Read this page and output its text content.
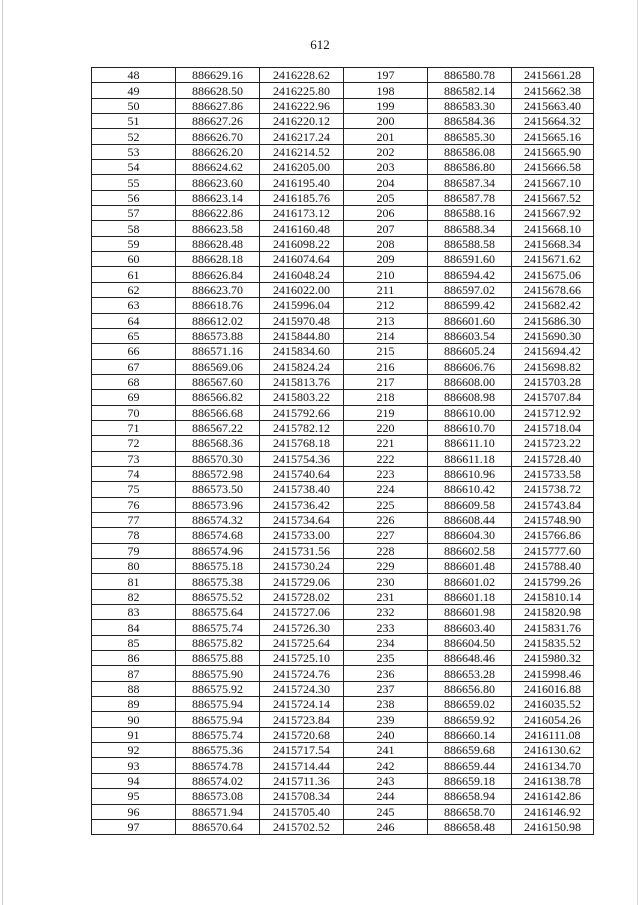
612
48	886629.16	2416228.62	197	886580.78	2415661.28
49	886628.50	2416225.80	198	886582.14	2415662.38
50	886627.86	2416222.96	199	886583.30	2415663.40
51	886627.26	2416220.12	200	886584.36	2415664.32
52	886626.70	2416217.24	201	886585.30	2415665.16
53	886626.20	2416214.52	202	886586.08	2415665.90
54	886624.62	2416205.00	203	886586.80	2415666.58
55	886623.60	2416195.40	204	886587.34	2415667.10
56	886623.14	2416185.76	205	886587.78	2415667.52
57	886622.86	2416173.12	206	886588.16	2415667.92
58	886623.58	2416160.48	207	886588.34	2415668.10
59	886628.48	2416098.22	208	886588.58	2415668.34
60	886628.18	2416074.64	209	886591.60	2415671.62
61	886626.84	2416048.24	210	886594.42	2415675.06
62	886623.70	2416022.00	211	886597.02	2415678.66
63	886618.76	2415996.04	212	886599.42	2415682.42
64	886612.02	2415970.48	213	886601.60	2415686.30
65	886573.88	2415844.80	214	886603.54	2415690.30
66	886571.16	2415834.60	215	886605.24	2415694.42
67	886569.06	2415824.24	216	886606.76	2415698.82
68	886567.60	2415813.76	217	886608.00	2415703.28
69	886566.82	2415803.22	218	886608.98	2415707.84
70	886566.68	2415792.66	219	886610.00	2415712.92
71	886567.22	2415782.12	220	886610.70	2415718.04
72	886568.36	2415768.18	221	886611.10	2415723.22
73	886570.30	2415754.36	222	886611.18	2415728.40
74	886572.98	2415740.64	223	886610.96	2415733.58
75	886573.50	2415738.40	224	886610.42	2415738.72
76	886573.96	2415736.42	225	886609.58	2415743.84
77	886574.32	2415734.64	226	886608.44	2415748.90
78	886574.68	2415733.00	227	886604.30	2415766.86
79	886574.96	2415731.56	228	886602.58	2415777.60
80	886575.18	2415730.24	229	886601.48	2415788.40
81	886575.38	2415729.06	230	886601.02	2415799.26
82	886575.52	2415728.02	231	886601.18	2415810.14
83	886575.64	2415727.06	232	886601.98	2415820.98
84	886575.74	2415726.30	233	886603.40	2415831.76
85	886575.82	2415725.64	234	886604.50	2415835.52
86	886575.88	2415725.10	235	886648.46	2415980.32
87	886575.90	2415724.76	236	886653.28	2415998.46
88	886575.92	2415724.30	237	886656.80	2416016.88
89	886575.94	2415724.14	238	886659.02	2416035.52
90	886575.94	2415723.84	239	886659.92	2416054.26
91	886575.74	2415720.68	240	886660.14	2416111.08
92	886575.36	2415717.54	241	886659.68	2416130.62
93	886574.78	2415714.44	242	886659.44	2416134.70
94	886574.02	2415711.36	243	886659.18	2416138.78
95	886573.08	2415708.34	244	886658.94	2416142.86
96	886571.94	2415705.40	245	886658.70	2416146.92
97	886570.64	2415702.52	246	886658.48	2416150.98
